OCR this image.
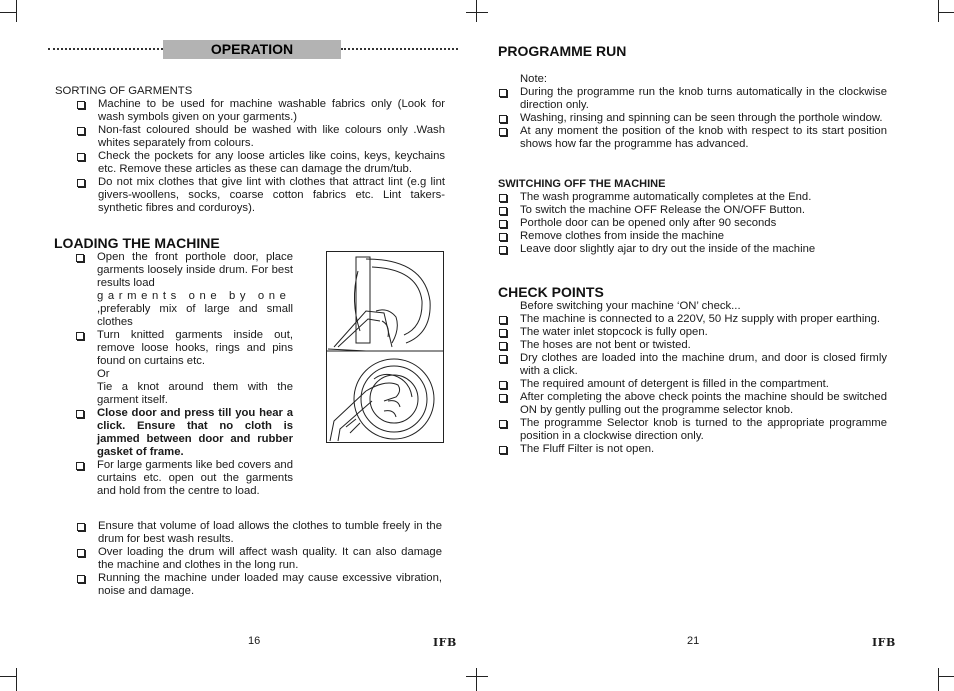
OPERATION
SORTING OF GARMENTS
Machine to be used for machine washable fabrics only (Look for wash symbols given on your garments.)
Non-fast coloured should be washed with like colours only .Wash whites separately from colours.
Check the pockets for any loose articles like coins, keys, keychains etc. Remove these articles as these can damage the drum/tub.
Do not mix clothes that give lint with clothes that attract lint (e.g lint givers-woollens, socks, coarse cotton fabrics etc. Lint takers- synthetic fibres and corduroys).
LOADING THE MACHINE
Open the front porthole door, place garments loosely inside drum. For best results load
garments one by one
,preferably mix of large and small clothes
Turn knitted garments inside out, remove loose hooks, rings and pins found on curtains etc.
Or
Tie a knot around them with the garment itself.
Close door and press till you hear a click. Ensure that no cloth is jammed between door and rubber gasket of frame.
For large garments like bed covers and curtains etc. open out the garments and hold from the centre to load.
Ensure that volume of load allows the clothes to tumble freely in the drum for best wash results.
Over loading the drum will affect wash quality. It can also damage the machine and clothes in the long run.
Running the machine under loaded may cause excessive vibration, noise and damage.
16	IFB
PROGRAMME RUN
Note:
During the programme run the knob turns automatically in the clockwise direction only.
Washing, rinsing and spinning can be seen through the porthole window.
At any moment the position of the knob with respect to its start position shows how far the programme has advanced.
SWITCHING OFF THE MACHINE
The wash programme automatically completes at the End.
To switch the machine OFF Release the ON/OFF Button.
Porthole door can be opened only after 90 seconds
Remove clothes from inside the machine
Leave door slightly ajar to dry out the inside of the machine
CHECK POINTS
Before switching your machine ‘ON’ check...
The machine is connected to a 220V, 50 Hz supply with proper earthing.
The water inlet stopcock is fully open.
The hoses are not bent or twisted.
Dry clothes are loaded into the machine drum, and door is closed firmly with a click.
The required amount of detergent is filled in the compartment.
After completing the above check points the machine should be switched ON by gently pulling out the programme selector knob.
The programme Selector knob is turned to the appropriate programme position in a clockwise direction only.
The Fluff Filter is not open.
21	IFB
